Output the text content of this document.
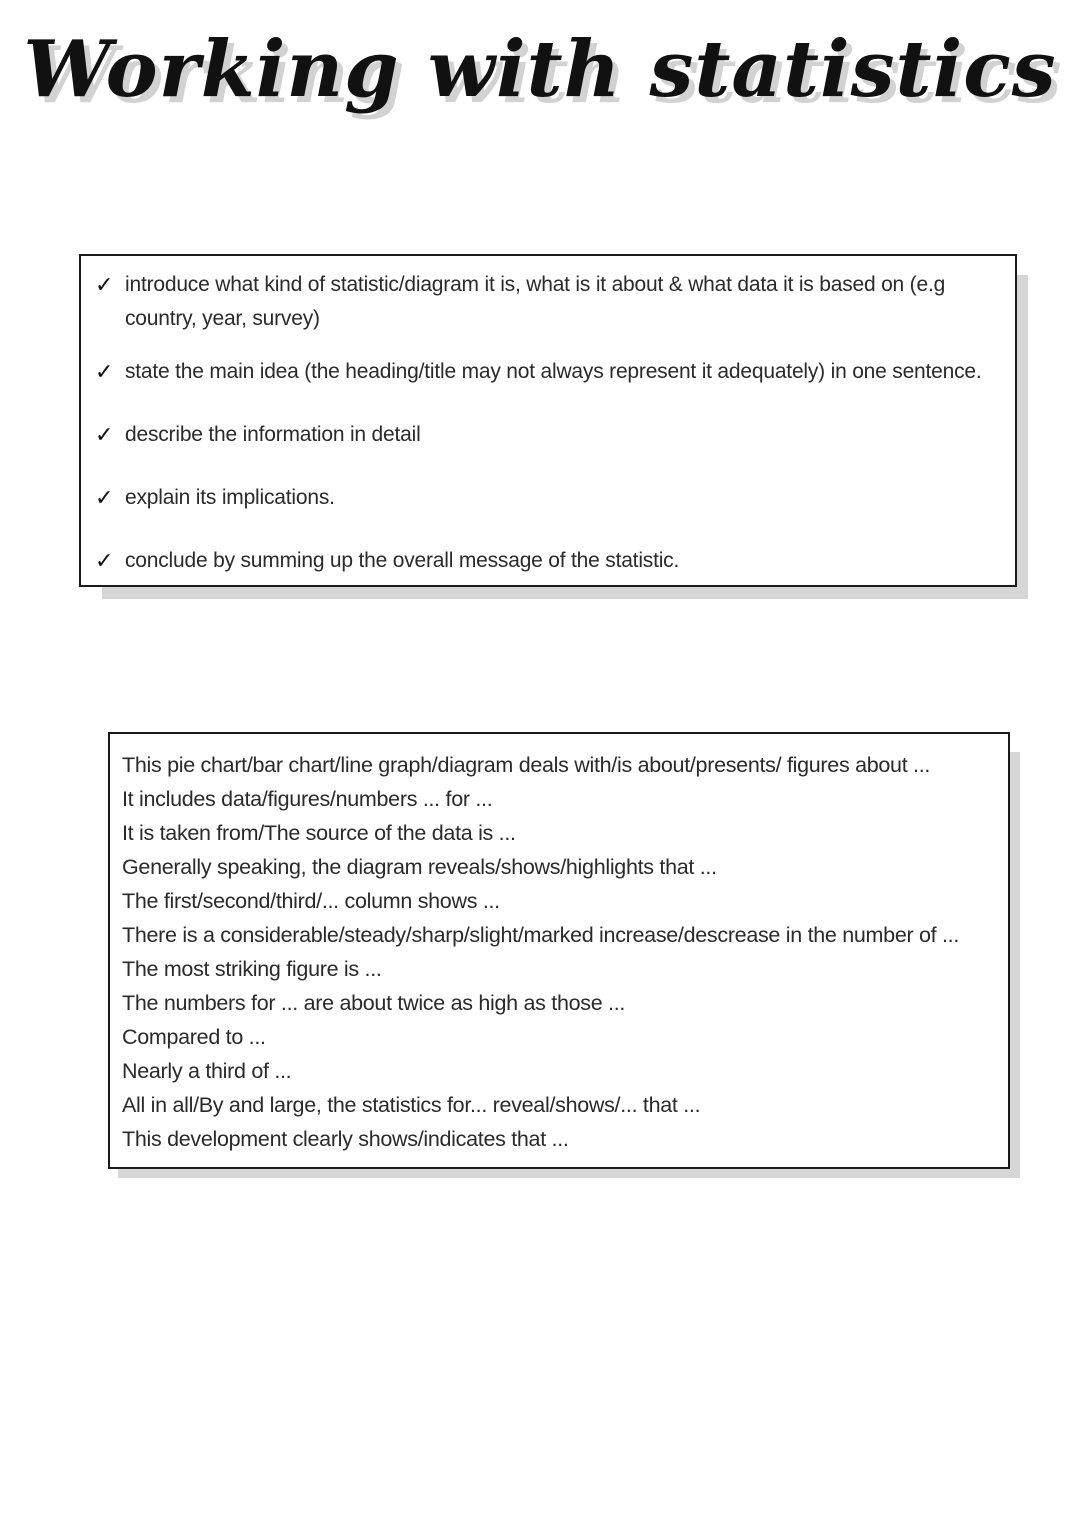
Working with statistics
✓ introduce what kind of statistic/diagram it is, what is it about & what data it is based on (e.g country, year, survey)
✓ state the main idea (the heading/title may not always represent it adequately) in one sentence.
✓ describe the information in detail
✓ explain its implications.
✓ conclude by summing up the overall message of the statistic.
This pie chart/bar chart/line graph/diagram deals with/is about/presents/ figures about ...
It includes data/figures/numbers ... for ...
It is taken from/The source of the data is ...
Generally speaking, the diagram reveals/shows/highlights that ...
The first/second/third/... column shows ...
There is a considerable/steady/sharp/slight/marked increase/descrease in the number of ...
The most striking figure is ...
The numbers for ... are about twice as high as those ...
Compared to ...
Nearly a third of ...
All in all/By and large, the statistics for... reveal/shows/... that ...
This development clearly shows/indicates that ...
